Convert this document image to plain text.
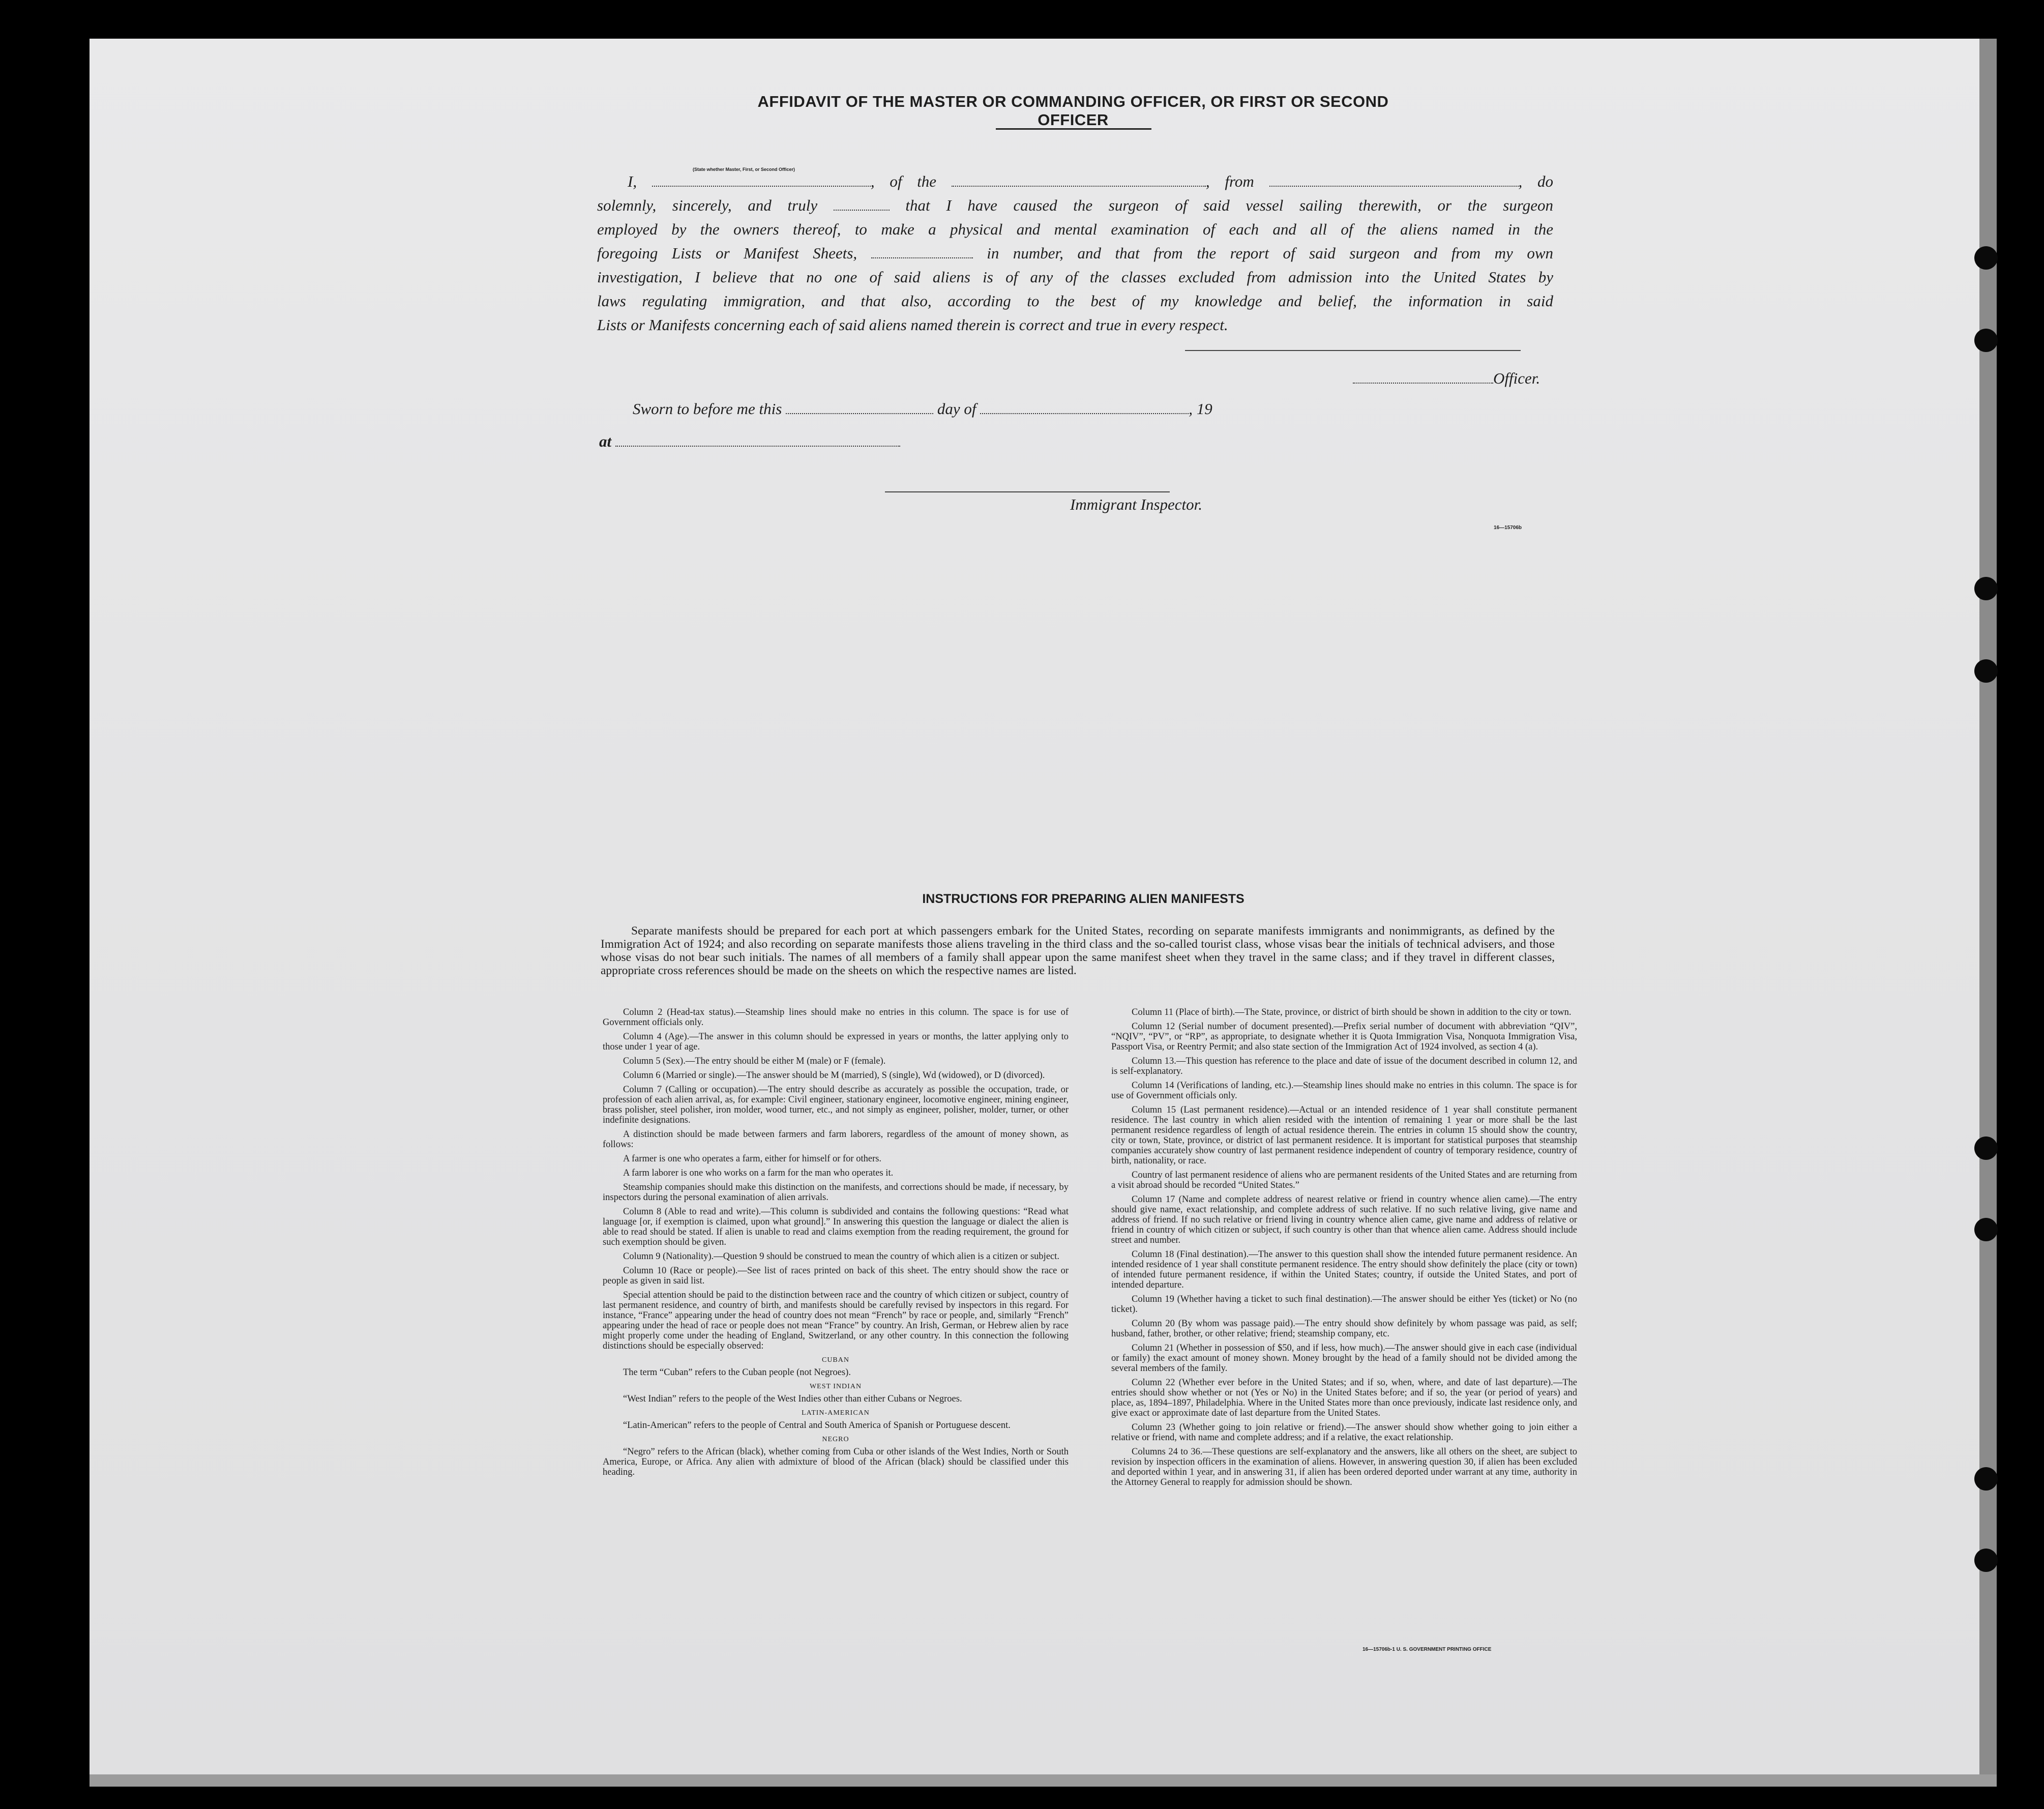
AFFIDAVIT OF THE MASTER OR COMMANDING OFFICER, OR FIRST OR SECOND OFFICER
(State whether Master, First, or Second Officer)
I,	, of the	, from	, do
solemnly, sincerely, and truly	that I have caused the surgeon of said vessel sailing therewith, or the surgeon
employed by the owners thereof, to make a physical and mental examination of each and all of the aliens named in the
foregoing Lists or Manifest Sheets,	in number, and that from the report of said surgeon and from my own
investigation, I believe that no one of said aliens is of any of the classes excluded from admission into the United States by
laws regulating immigration, and that also, according to the best of my knowledge and belief, the information in said
Lists or Manifests concerning each of said aliens named therein is correct and true in every respect.
Officer.
Sworn to before me this	day of	, 19
at
Immigrant Inspector.
16—15706b
INSTRUCTIONS FOR PREPARING ALIEN MANIFESTS
Separate manifests should be prepared for each port at which passengers embark for the United States, recording on separate manifests immigrants and nonimmigrants, as defined by the Immigration Act of 1924; and also recording on separate manifests those aliens traveling in the third class and the so-called tourist class, whose visas bear the initials of technical advisers, and those whose visas do not bear such initials. The names of all members of a family shall appear upon the same manifest sheet when they travel in the same class; and if they travel in different classes, appropriate cross references should be made on the sheets on which the respective names are listed.

Column 2 (Head-tax status).—Steamship lines should make no entries in this column. The space is for use of Government officials only.

Column 4 (Age).—The answer in this column should be expressed in years or months, the latter applying only to those under 1 year of age.

Column 5 (Sex).—The entry should be either M (male) or F (female).

Column 6 (Married or single).—The answer should be M (married), S (single), Wd (widowed), or D (divorced).

Column 7 (Calling or occupation).—The entry should describe as accurately as possible the occupation, trade, or profession of each alien arrival, as, for example: Civil engineer, stationary engineer, locomotive engineer, mining engineer, brass polisher, steel polisher, iron molder, wood turner, etc., and not simply as engineer, polisher, molder, turner, or other indefinite designations.

A distinction should be made between farmers and farm laborers, regardless of the amount of money shown, as follows:

A farmer is one who operates a farm, either for himself or for others.

A farm laborer is one who works on a farm for the man who operates it.

Steamship companies should make this distinction on the manifests, and corrections should be made, if necessary, by inspectors during the personal examination of alien arrivals.

Column 8 (Able to read and write).—This column is subdivided and contains the following questions: “Read what language [or, if exemption is claimed, upon what ground].” In answering this question the language or dialect the alien is able to read should be stated. If alien is unable to read and claims exemption from the reading requirement, the ground for such exemption should be given.

Column 9 (Nationality).—Question 9 should be construed to mean the country of which alien is a citizen or subject.

Column 10 (Race or people).—See list of races printed on back of this sheet. The entry should show the race or people as given in said list.

Special attention should be paid to the distinction between race and the country of which citizen or subject, country of last permanent residence, and country of birth, and manifests should be carefully revised by inspectors in this regard. For instance, “France” appearing under the head of country does not mean “French” by race or people, and, similarly “French” appearing under the head of race or people does not mean “France” by country. An Irish, German, or Hebrew alien by race might properly come under the heading of England, Switzerland, or any other country. In this connection the following distinctions should be especially observed:

CUBAN

The term “Cuban” refers to the Cuban people (not Negroes).

WEST INDIAN

“West Indian” refers to the people of the West Indies other than either Cubans or Negroes.

LATIN-AMERICAN

“Latin-American” refers to the people of Central and South America of Spanish or Portuguese descent.

NEGRO

“Negro” refers to the African (black), whether coming from Cuba or other islands of the West Indies, North or South America, Europe, or Africa. Any alien with admixture of blood of the African (black) should be classified under this heading.

Column 11 (Place of birth).—The State, province, or district of birth should be shown in addition to the city or town.

Column 12 (Serial number of document presented).—Prefix serial number of document with abbreviation “QIV”, “NQIV”, “PV”, or “RP”, as appropriate, to designate whether it is Quota Immigration Visa, Nonquota Immigration Visa, Passport Visa, or Reentry Permit; and also state section of the Immigration Act of 1924 involved, as section 4 (a).

Column 13.—This question has reference to the place and date of issue of the document described in column 12, and is self-explanatory.

Column 14 (Verifications of landing, etc.).—Steamship lines should make no entries in this column. The space is for use of Government officials only.

Column 15 (Last permanent residence).—Actual or an intended residence of 1 year shall constitute permanent residence. The last country in which alien resided with the intention of remaining 1 year or more shall be the last permanent residence regardless of length of actual residence therein. The entries in column 15 should show the country, city or town, State, province, or district of last permanent residence. It is important for statistical purposes that steamship companies accurately show country of last permanent residence independent of country of temporary residence, country of birth, nationality, or race.

Country of last permanent residence of aliens who are permanent residents of the United States and are returning from a visit abroad should be recorded “United States.”

Column 17 (Name and complete address of nearest relative or friend in country whence alien came).—The entry should give name, exact relationship, and complete address of such relative. If no such relative living, give name and address of friend. If no such relative or friend living in country whence alien came, give name and address of relative or friend in country of which citizen or subject, if such country is other than that whence alien came. Address should include street and number.

Column 18 (Final destination).—The answer to this question shall show the intended future permanent residence. An intended residence of 1 year shall constitute permanent residence. The entry should show definitely the place (city or town) of intended future permanent residence, if within the United States; country, if outside the United States, and port of intended departure.

Column 19 (Whether having a ticket to such final destination).—The answer should be either Yes (ticket) or No (no ticket).

Column 20 (By whom was passage paid).—The entry should show definitely by whom passage was paid, as self; husband, father, brother, or other relative; friend; steamship company, etc.

Column 21 (Whether in possession of $50, and if less, how much).—The answer should give in each case (individual or family) the exact amount of money shown. Money brought by the head of a family should not be divided among the several members of the family.

Column 22 (Whether ever before in the United States; and if so, when, where, and date of last departure).—The entries should show whether or not (Yes or No) in the United States before; and if so, the year (or period of years) and place, as, 1894–1897, Philadelphia. Where in the United States more than once previously, indicate last residence only, and give exact or approximate date of last departure from the United States.

Column 23 (Whether going to join relative or friend).—The answer should show whether going to join either a relative or friend, with name and complete address; and if a relative, the exact relationship.

Columns 24 to 36.—These questions are self-explanatory and the answers, like all others on the sheet, are subject to revision by inspection officers in the examination of aliens. However, in answering question 30, if alien has been excluded and deported within 1 year, and in answering 31, if alien has been ordered deported under warrant at any time, authority in the Attorney General to reapply for admission should be shown.

16—15706b-1 U. S. GOVERNMENT PRINTING OFFICE
